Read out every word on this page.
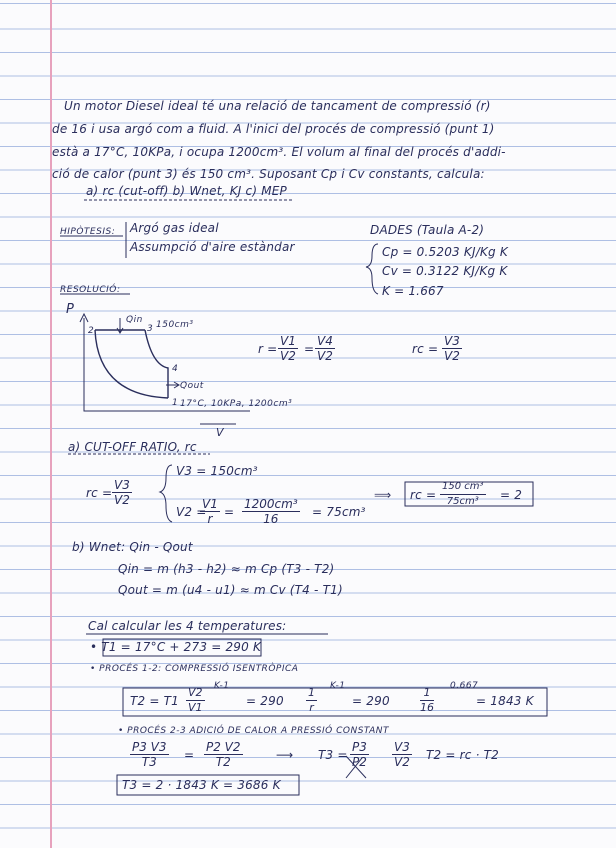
Un motor Diesel ideal té una relació de tancament de compressió (r)
de 16 i usa argó com a fluid. A l'inici del procés de compressió (punt 1)
està a 17°C, 10KPa, i ocupa 1200cm³. El volum al final del procés d'addi-
ció de calor (punt 3) és 150 cm³. Suposant Cp i Cv constants, calcula:
a) rc (cut-off) b) Wnet, KJ c) MEP
HIPÒTESIS: Argó gas ideal
Assumpció d'aire estàndar
DADES (Taula A-2)
Cp = 0.5203 KJ/Kg K
Cv = 0.3122 KJ/Kg K
K = 1.667
RESOLUCIÓ:
P
2	3
4
1
Qin
Qout
150cm³
17°C, 10KPa, 1200cm³
V
$r = \frac{V1}{V2} = \frac{V4}{V2}$	rc = $\frac{V3}{V2}$
a) CUT-OFF RATIO, rc
rc = $\frac{V3}{V2}$
V3 = 150cm³
V2 =
$\frac{V1}{r} = \frac{\text{1200cm³}}{16} = 75cm^3$
⟹ rc = $\frac{\text{150 cm³}}{\text{75cm³}} = 2$
b) Wnet: Qin - Qout
Qin = m (h3 - h2) ≈ m Cp (T3 - T2)
Qout = m (u4 - u1) ≈ m Cv (T4 - T1)
Cal calcular les 4 temperatures:
• T1 = 17°C + 273 = 290 K
• PROCÉS 1-2: COMPRESSIÓ ISENTRÒPICA
$T2 = T1 \frac{V2}{V1} K-1$
= $290 \frac{1}{r} K-1$
= 290	$\frac{1}{16} 0.667$
= 1843 K
• PROCÉS 2-3 ADICIÓ DE CALOR A PRESSIÓ CONSTANT
$\frac{P3 V3}{T3} = \frac{P2 V2}{T2}$	⟶ $T3 = \frac{P3}{P2} \frac{V3}{V2} T2$ = rc · T2
T3 = 2 · 1843 K = 3686 K
